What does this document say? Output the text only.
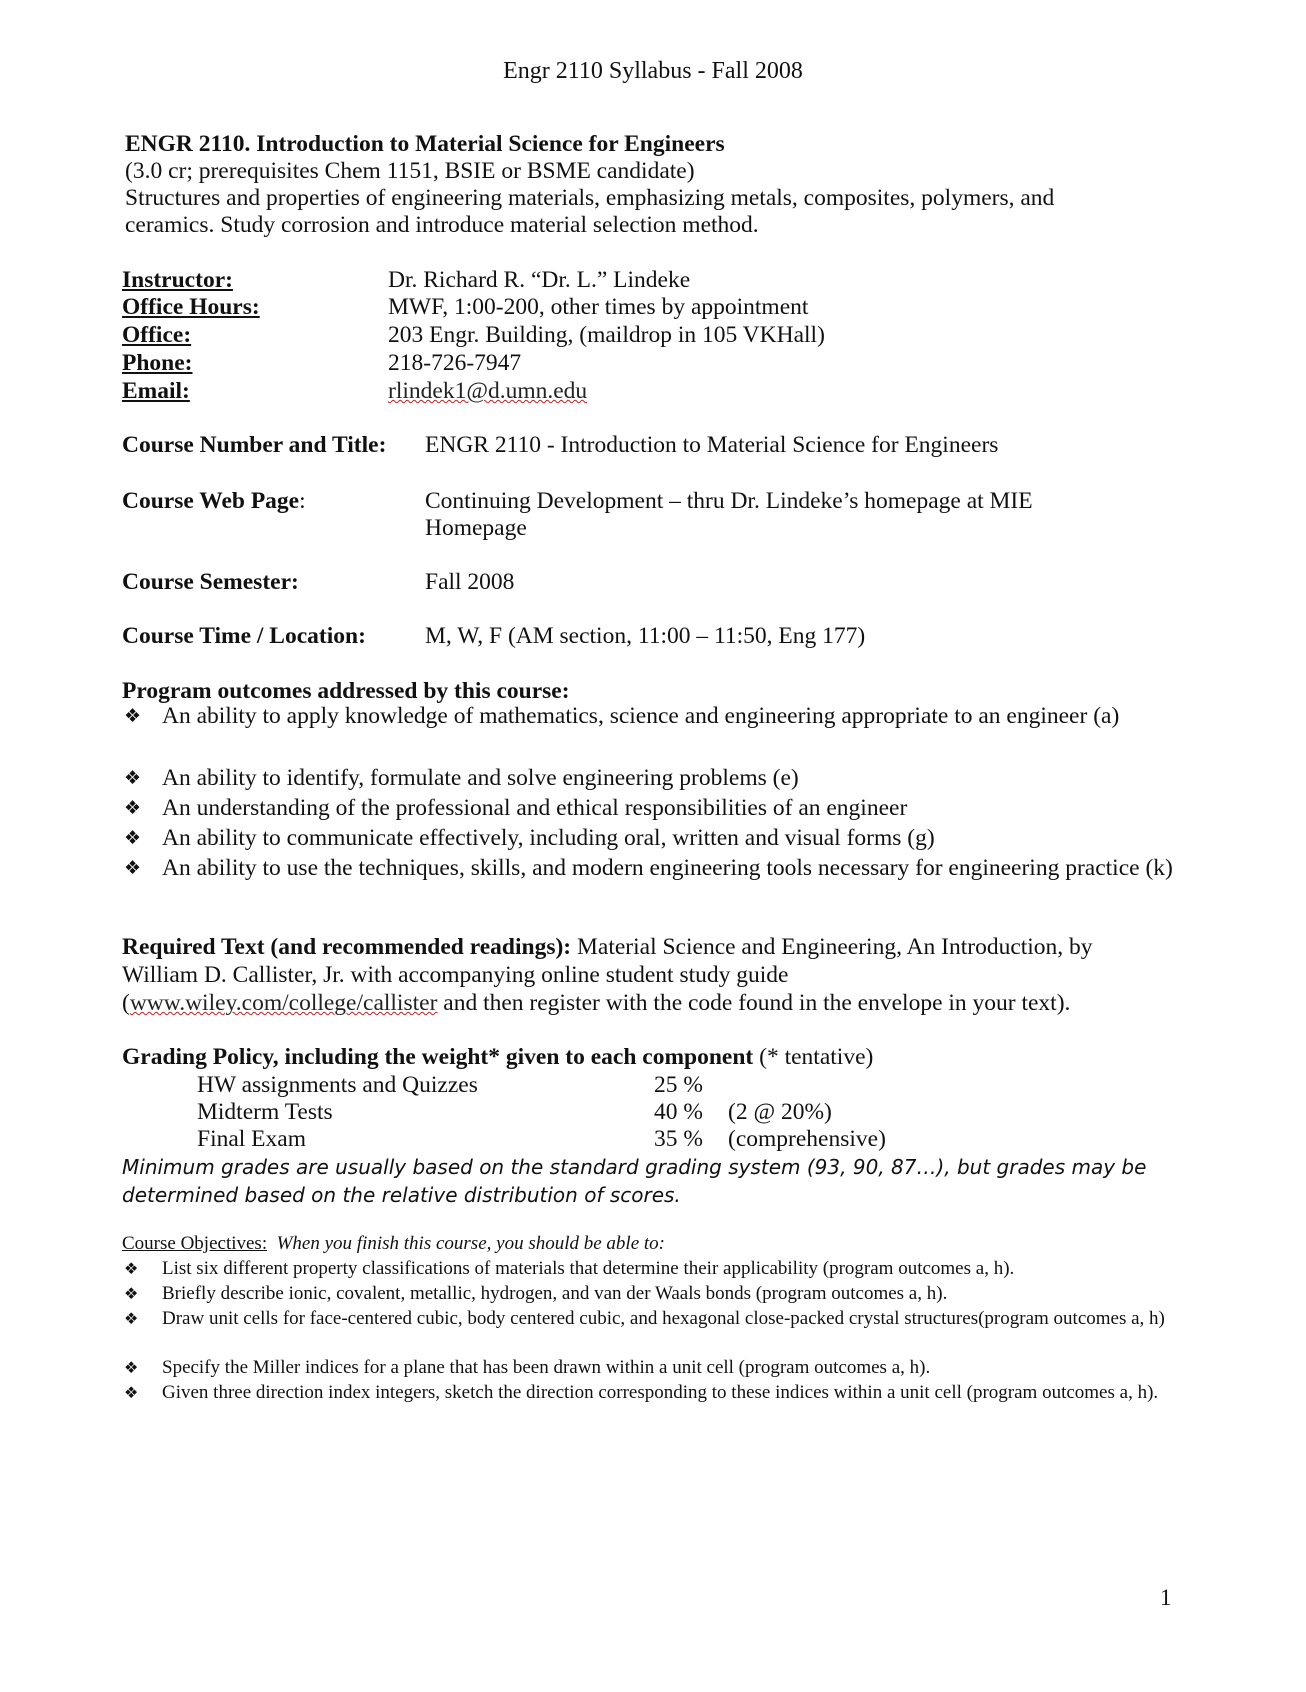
Engr 2110 Syllabus - Fall 2008
ENGR 2110. Introduction to Material Science for Engineers
(3.0 cr; prerequisites Chem 1151, BSIE or BSME candidate)
Structures and properties of engineering materials, emphasizing metals, composites, polymers, and
ceramics. Study corrosion and introduce material selection method.
Instructor:	Dr. Richard R. “Dr. L.” Lindeke
Office Hours:	MWF, 1:00-200, other times by appointment
Office:	203 Engr. Building, (maildrop in 105 VKHall)
Phone:	218-726-7947
Email:	rlindek1@d.umn.edu
Course Number and Title: ENGR 2110 - Introduction to Material Science for Engineers
Course Web Page:	Continuing Development – thru Dr. Lindeke’s homepage at MIE
Homepage
Course Semester:	Fall 2008
Course Time / Location:	M, W, F (AM section, 11:00 – 11:50, Eng 177)
Program outcomes addressed by this course:
❖ An ability to apply knowledge of mathematics, science and engineering appropriate to an engineer (a)
❖ An ability to identify, formulate and solve engineering problems (e)
❖ An understanding of the professional and ethical responsibilities of an engineer
❖ An ability to communicate effectively, including oral, written and visual forms (g)
❖ An ability to use the techniques, skills, and modern engineering tools necessary for engineering practice (k)
Required Text (and recommended readings): Material Science and Engineering, An Introduction, by
William D. Callister, Jr. with accompanying online student study guide
(www.wiley.com/college/callister and then register with the code found in the envelope in your text).
Grading Policy, including the weight* given to each component (* tentative)
HW assignments and Quizzes	25 %
Midterm Tests	40 % (2 @ 20%)
Final Exam	35 % (comprehensive)
Minimum grades are usually based on the standard grading system (93, 90, 87…), but grades may be
determined based on the relative distribution of scores.
Course Objectives: When you finish this course, you should be able to:
❖ List six different property classifications of materials that determine their applicability (program outcomes a, h).
❖ Briefly describe ionic, covalent, metallic, hydrogen, and van der Waals bonds (program outcomes a, h).
❖ Draw unit cells for face-centered cubic, body centered cubic, and hexagonal close-packed crystal structures(program outcomes a, h)
❖ Specify the Miller indices for a plane that has been drawn within a unit cell (program outcomes a, h).
❖ Given three direction index integers, sketch the direction corresponding to these indices within a unit cell (program outcomes a, h).
1
